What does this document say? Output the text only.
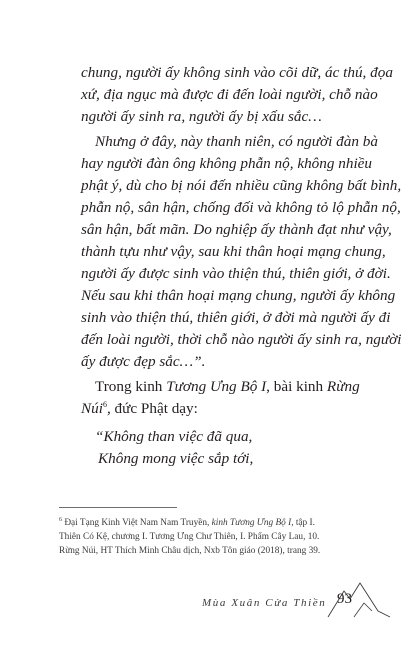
chung, người ấy không sinh vào cõi dữ, ác thú, đọa
xứ, địa ngục mà được đi đến loài người, chỗ nào
người ấy sinh ra, người ấy bị xấu sắc…
Nhưng ở đây, này thanh niên, có người đàn bà
hay người đàn ông không phẫn nộ, không nhiều
phật ý, dù cho bị nói đến nhiều cũng không bất bình,
phẫn nộ, sân hận, chống đối và không tỏ lộ phẫn nộ,
sân hận, bất mãn. Do nghiệp ấy thành đạt như vậy,
thành tựu như vậy, sau khi thân hoại mạng chung,
người ấy được sinh vào thiện thú, thiên giới, ở đời.
Nếu sau khi thân hoại mạng chung, người ấy không
sinh vào thiện thú, thiên giới, ở đời mà người ấy đi
đến loài người, thời chỗ nào người ấy sinh ra, người
ấy được đẹp sắc…”.
Trong kinh Tương Ưng Bộ I, bài kinh Rừng
Núi$^6$, đức Phật dạy:
“Không than việc đã qua,
Không mong việc sắp tới,
$^6$ Đại Tạng Kinh Việt Nam Nam Truyền, kinh Tương Ưng Bộ I, tập I.
Thiên Có Kệ, chương I. Tương Ưng Chư Thiên, I. Phẩm Cây Lau, 10.
Rừng Núi, HT Thích Minh Châu dịch, Nxb Tôn giáo (2018), trang 39.
Mùa Xuân Cửa Thiền 93
